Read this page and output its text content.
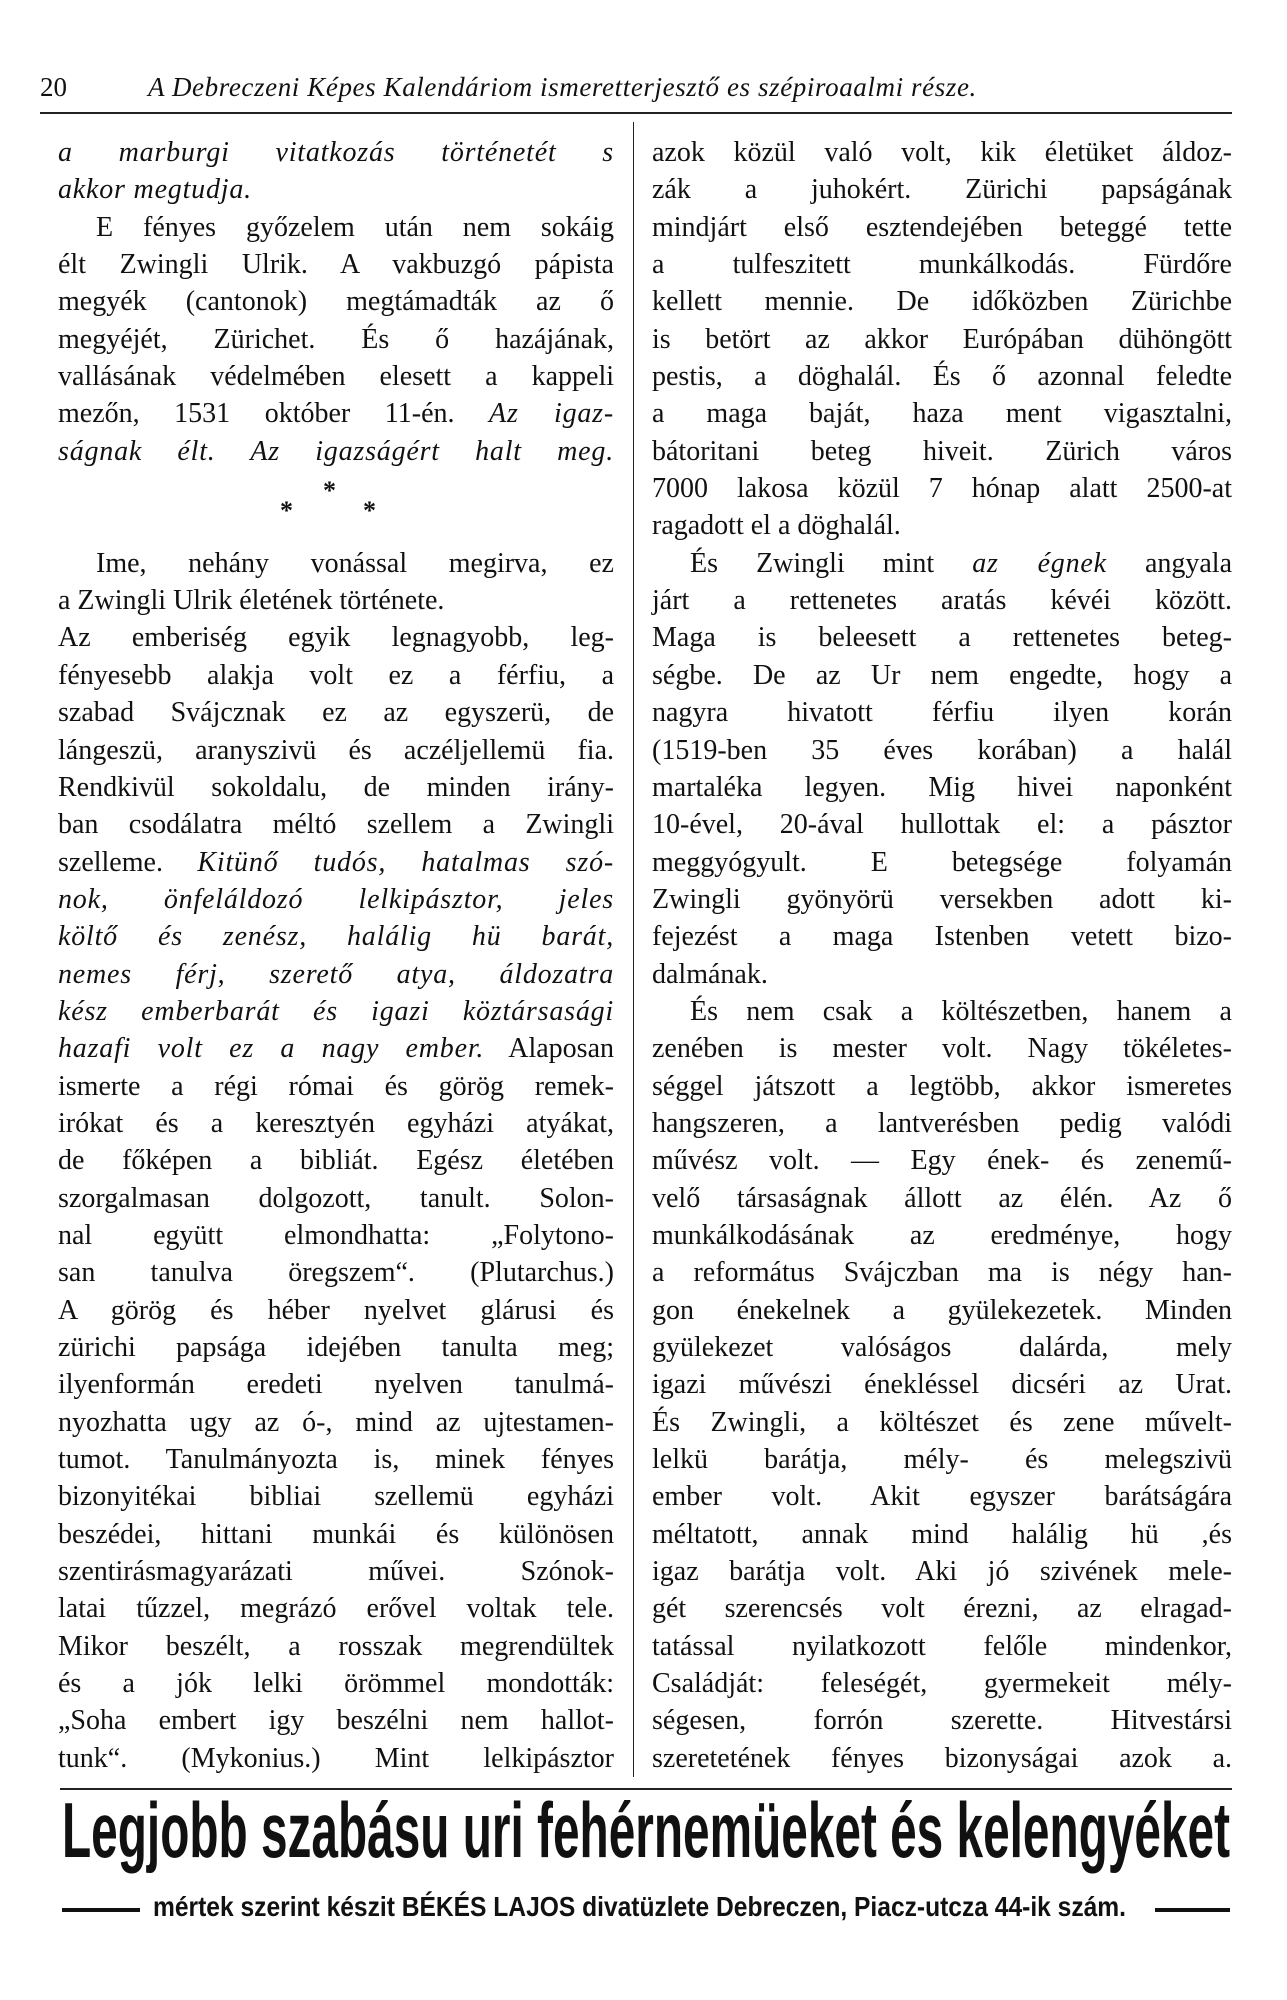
20	A Debreczeni Képes Kalendáriom ismeretterjesztő es szépiroaalmi része.
a marburgi vitatkozás történetét s
akkor megtudja.
E fényes győzelem után nem sokáig
élt Zwingli Ulrik. A vakbuzgó pápista
megyék (cantonok) megtámadták az ő
megyéjét, Zürichet. És ő hazájának,
vallásának védelmében elesett a kappeli
mezőn, 1531 október 11-én. Az igaz-
ságnak élt. Az igazságért halt meg.
*
*	*
Ime, nehány vonással megirva, ez
a Zwingli Ulrik életének története.
Az emberiség egyik legnagyobb, leg-
fényesebb alakja volt ez a férfiu, a
szabad Svájcznak ez az egyszerü, de
lángeszü, aranyszivü és aczéljellemü fia.
Rendkivül sokoldalu, de minden irány-
ban csodálatra méltó szellem a Zwingli
szelleme. Kitünő tudós, hatalmas szó-
nok, önfeláldozó lelkipásztor, jeles
költő és zenész, halálig hü barát,
nemes férj, szerető atya, áldozatra
kész emberbarát és igazi köztársasági
hazafi volt ez a nagy ember. Alaposan
ismerte a régi római és görög remek-
irókat és a keresztyén egyházi atyákat,
de főképen a bibliát. Egész életében
szorgalmasan dolgozott, tanult. Solon-
nal együtt elmondhatta: „Folytono-
san tanulva öregszem“. (Plutarchus.)
A görög és héber nyelvet glárusi és
zürichi papsága idejében tanulta meg;
ilyenformán eredeti nyelven tanulmá-
nyozhatta ugy az ó-, mind az ujtestamen-
tumot. Tanulmányozta is, minek fényes
bizonyitékai bibliai szellemü egyházi
beszédei, hittani munkái és különösen
szentirásmagyarázati művei. Szónok-
latai tűzzel, megrázó erővel voltak tele.
Mikor beszélt, a rosszak megrendültek
és a jók lelki örömmel mondották:
„Soha embert igy beszélni nem hallot-
tunk“. (Mykonius.) Mint lelkipásztor
azok közül való volt, kik életüket áldoz-
zák a juhokért. Zürichi papságának
mindjárt első esztendejében beteggé tette
a tulfeszitett munkálkodás. Fürdőre
kellett mennie. De időközben Zürichbe
is betört az akkor Európában dühöngött
pestis, a döghalál. És ő azonnal feledte
a maga baját, haza ment vigasztalni,
bátoritani beteg hiveit. Zürich város
7000 lakosa közül 7 hónap alatt 2500-at
ragadott el a döghalál.
És Zwingli mint az égnek angyala
járt a rettenetes aratás kévéi között.
Maga is beleesett a rettenetes beteg-
ségbe. De az Ur nem engedte, hogy a
nagyra hivatott férfiu ilyen korán
(1519-ben 35 éves korában) a halál
martaléka legyen. Mig hivei naponként
10-ével, 20-ával hullottak el: a pásztor
meggyógyult. E betegsége folyamán
Zwingli gyönyörü versekben adott ki-
fejezést a maga Istenben vetett bizo-
dalmának.
És nem csak a költészetben, hanem a
zenében is mester volt. Nagy tökéletes-
séggel játszott a legtöbb, akkor ismeretes
hangszeren, a lantverésben pedig valódi
művész volt. — Egy ének- és zenemű-
velő társaságnak állott az élén. Az ő
munkálkodásának az eredménye, hogy
a református Svájczban ma is négy han-
gon énekelnek a gyülekezetek. Minden
gyülekezet valóságos dalárda, mely
igazi művészi énekléssel dicséri az Urat.
És Zwingli, a költészet és zene művelt-
lelkü barátja, mély- és melegszivü
ember volt. Akit egyszer barátságára
méltatott, annak mind halálig hü ,és
igaz barátja volt. Aki jó szivének mele-
gét szerencsés volt érezni, az elragad-
tatással nyilatkozott felőle mindenkor,
Családját: feleségét, gyermekeit mély-
ségesen, forrón szerette. Hitvestársi
szeretetének fényes bizonyságai azok a.
Legjobb szabásu uri fehérnemüeket és kelengyéket
mértek szerint készit BÉKÉS LAJOS divatüzlete Debreczen, Piacz-utcza 44-ik szám.
